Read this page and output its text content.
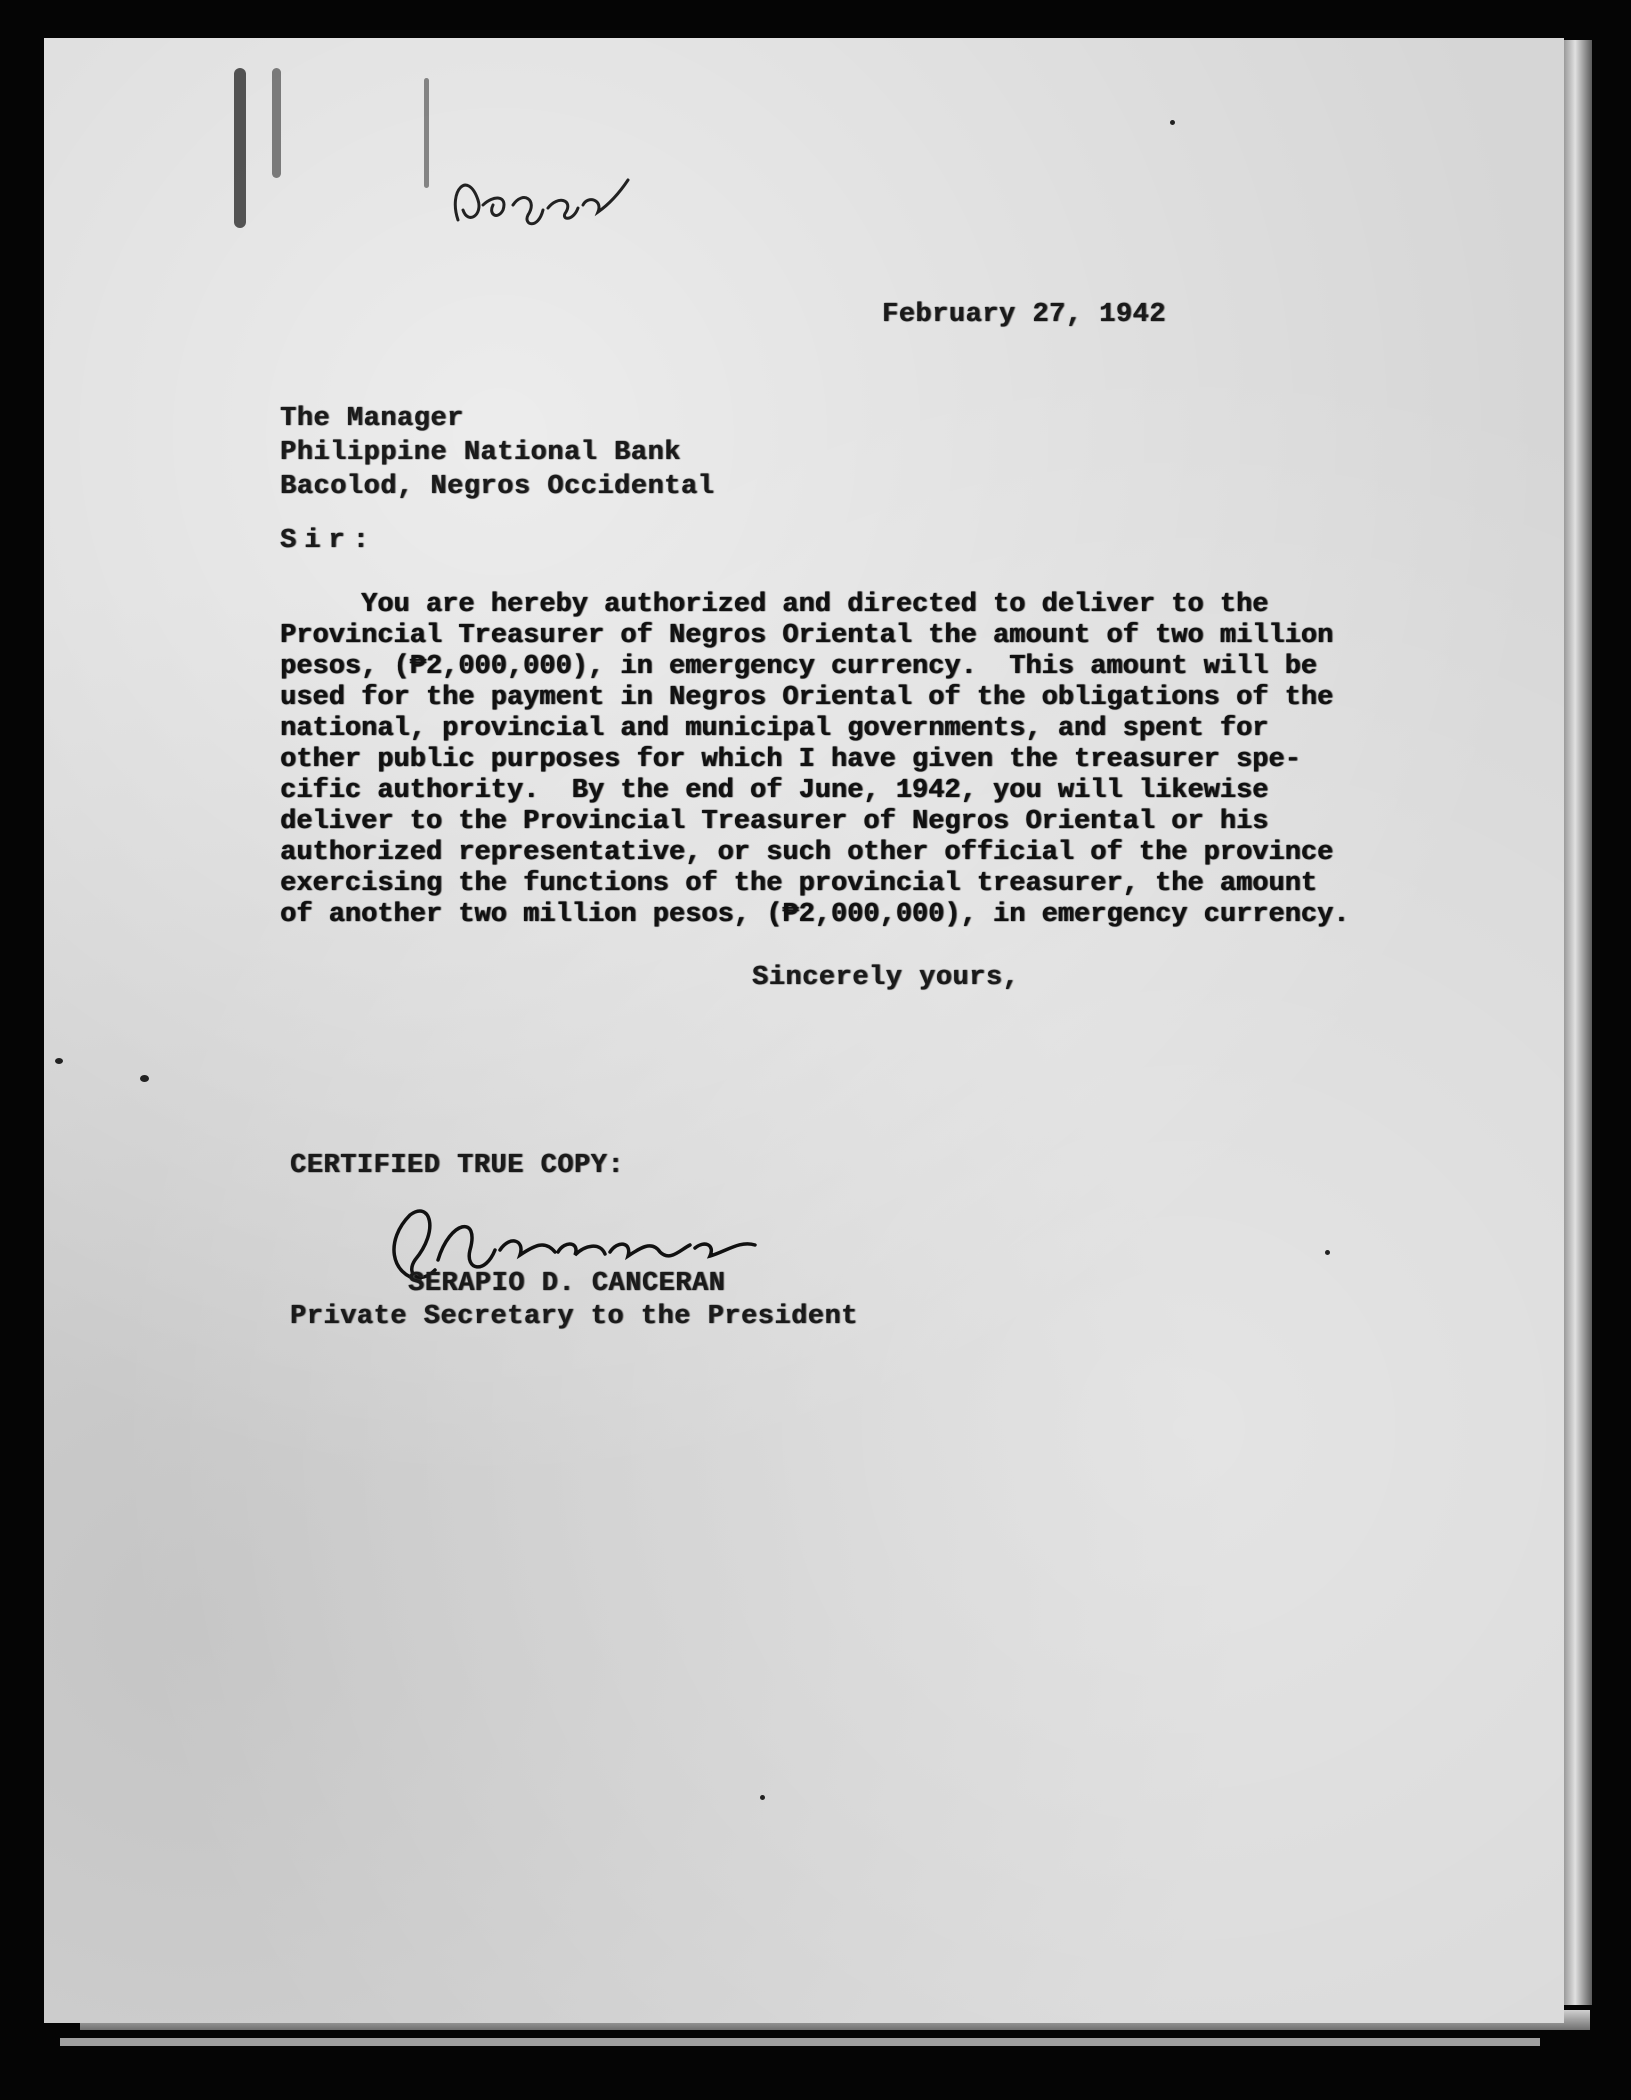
February 27, 1942
The Manager
Philippine National Bank
Bacolod, Negros Occidental
Sir:
You are hereby authorized and directed to deliver to the
Provincial Treasurer of Negros Oriental the amount of two million
pesos, (₱2,000,000), in emergency currency.  This amount will be
used for the payment in Negros Oriental of the obligations of the
national, provincial and municipal governments, and spent for
other public purposes for which I have given the treasurer spe-
cific authority.  By the end of June, 1942, you will likewise
deliver to the Provincial Treasurer of Negros Oriental or his
authorized representative, or such other official of the province
exercising the functions of the provincial treasurer, the amount
of another two million pesos, (₱2,000,000), in emergency currency.
Sincerely yours,
CERTIFIED TRUE COPY:
SERAPIO D. CANCERAN
Private Secretary to the President
